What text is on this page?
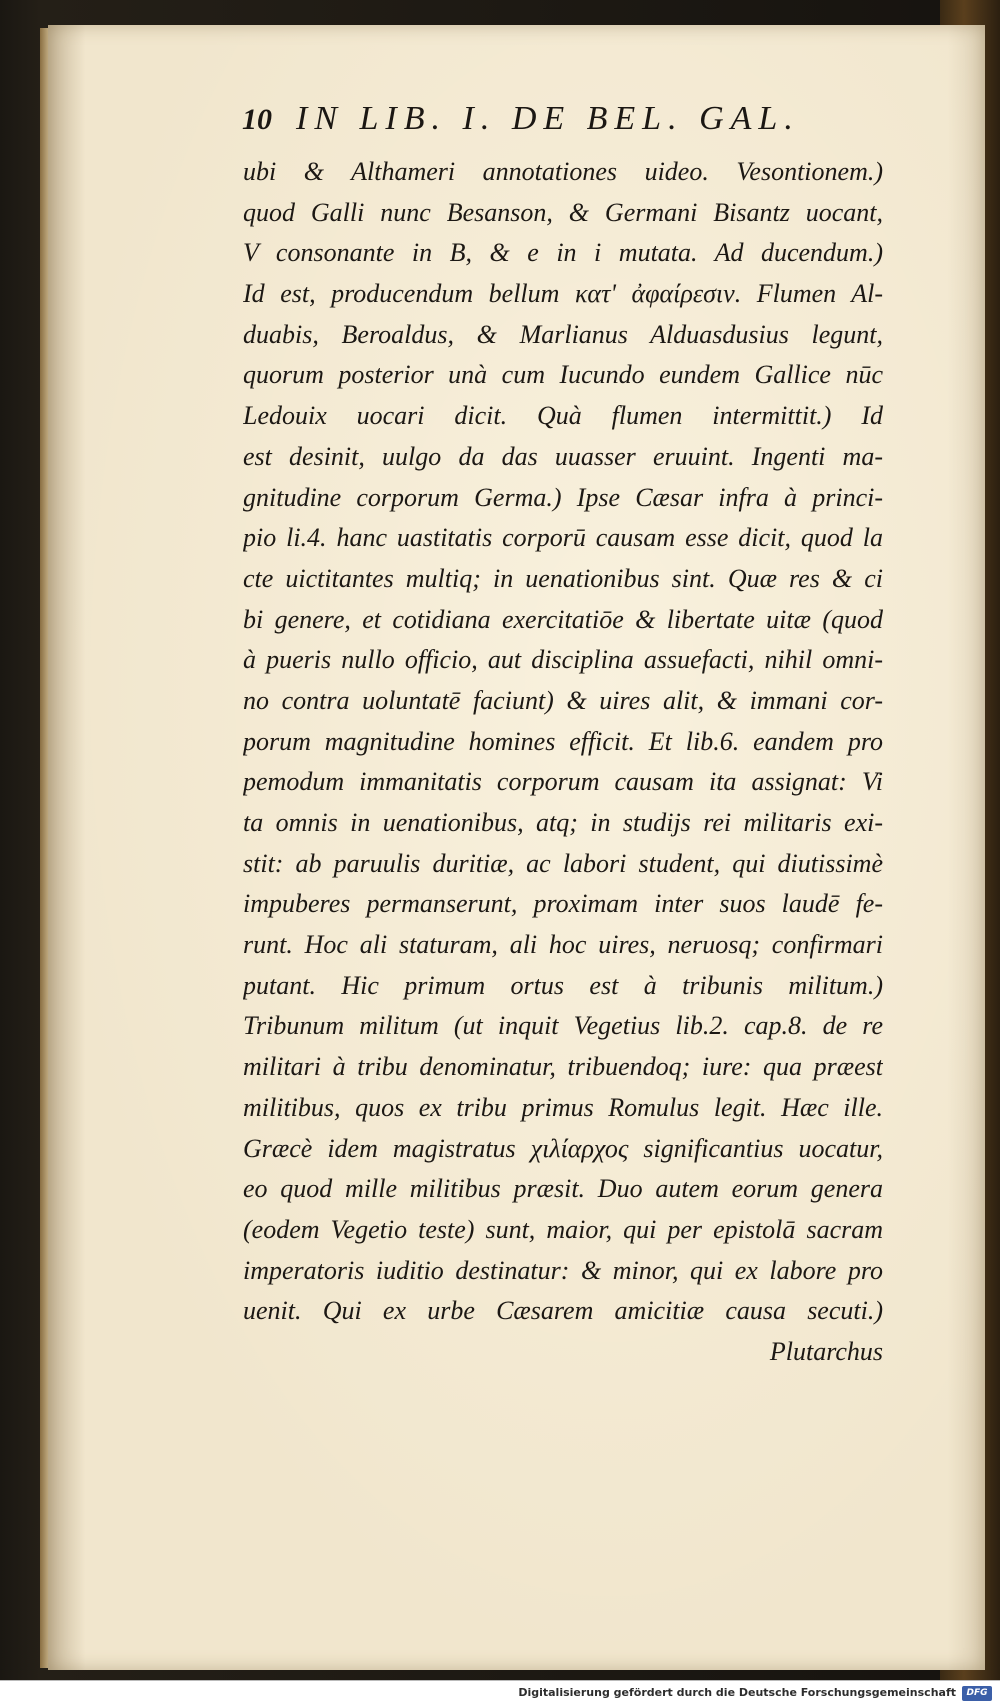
10 IN LIB. I. DE BEL. GAL.
ubi & Althameri annotationes uideo. Vesontionem.)
quod Galli nunc Besanson, & Germani Bisantz uocant,
V consonante in B, & e in i mutata. Ad ducendum.)
Id est, producendum bellum κατ' ἀφαίρεσιν. Flumen Al-
duabis, Beroaldus, & Marlianus Alduasdusius legunt,
quorum posterior unà cum Iucundo eundem Gallice nūc
Ledouix uocari dicit. Quà flumen intermittit.) Id
est desinit, uulgo da das uuasser eruuint. Ingenti ma-
gnitudine corporum Germa.) Ipse Cæsar infra à princi-
pio li.4. hanc uastitatis corporū causam esse dicit, quod la
cte uictitantes multiq; in uenationibus sint. Quæ res & ci
bi genere, et cotidiana exercitatiōe & libertate uitæ (quod
à pueris nullo officio, aut disciplina assuefacti, nihil omni-
no contra uoluntatē faciunt) & uires alit, & immani cor-
porum magnitudine homines efficit. Et lib.6. eandem pro
pemodum immanitatis corporum causam ita assignat: Vi
ta omnis in uenationibus, atq; in studijs rei militaris exi-
stit: ab paruulis duritiæ, ac labori student, qui diutissimè
impuberes permanserunt, proximam inter suos laudē fe-
runt. Hoc ali staturam, ali hoc uires, neruosq; confirmari
putant. Hic primum ortus est à tribunis militum.)
Tribunum militum (ut inquit Vegetius lib.2. cap.8. de re
militari à tribu denominatur, tribuendoq; iure: qua præest
militibus, quos ex tribu primus Romulus legit. Hæc ille.
Græcè idem magistratus χιλίαρχος significantius uocatur,
eo quod mille militibus præsit. Duo autem eorum genera
(eodem Vegetio teste) sunt, maior, qui per epistolā sacram
imperatoris iuditio destinatur: & minor, qui ex labore pro
uenit. Qui ex urbe Cæsarem amicitiæ causa secuti.)
Plutarchus
Digitalisierung gefördert durch die Deutsche Forschungsgemeinschaft	DFG
